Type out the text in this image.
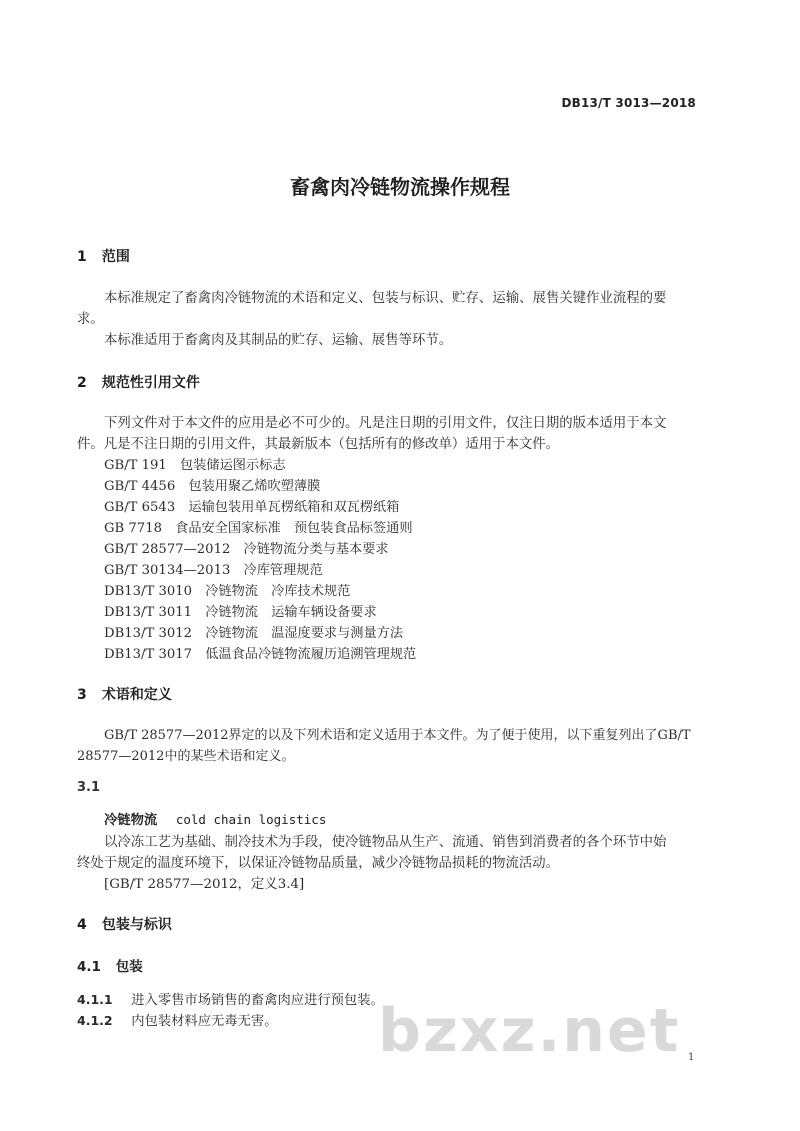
DB13/T 3013—2018
畜禽肉冷链物流操作规程
1 范围
本标准规定了畜禽肉冷链物流的术语和定义、包装与标识、贮存、运输、展售关键作业流程的要
求。
本标准适用于畜禽肉及其制品的贮存、运输、展售等环节。
2 规范性引用文件
下列文件对于本文件的应用是必不可少的。凡是注日期的引用文件，仅注日期的版本适用于本文
件。凡是不注日期的引用文件，其最新版本（包括所有的修改单）适用于本文件。
GB/T 191　包装储运图示标志
GB/T 4456　包装用聚乙烯吹塑薄膜
GB/T 6543　运输包装用单瓦楞纸箱和双瓦楞纸箱
GB 7718　食品安全国家标准　预包装食品标签通则
GB/T 28577—2012　冷链物流分类与基本要求
GB/T 30134—2013　冷库管理规范
DB13/T 3010　冷链物流　冷库技术规范
DB13/T 3011　冷链物流　运输车辆设备要求
DB13/T 3012　冷链物流　温湿度要求与测量方法
DB13/T 3017　低温食品冷链物流履历追溯管理规范
3 术语和定义
GB/T 28577—2012界定的以及下列术语和定义适用于本文件。为了便于使用，以下重复列出了GB/T
28577—2012中的某些术语和定义。
3.1
冷链物流 cold chain logistics
以冷冻工艺为基础、制冷技术为手段，使冷链物品从生产、流通、销售到消费者的各个环节中始
终处于规定的温度环境下，以保证冷链物品质量，减少冷链物品损耗的物流活动。
[GB/T 28577—2012，定义3.4]
4 包装与标识
4.1 包装
4.1.1 进入零售市场销售的畜禽肉应进行预包装。
4.1.2 内包装材料应无毒无害。 bzxz.net 1
